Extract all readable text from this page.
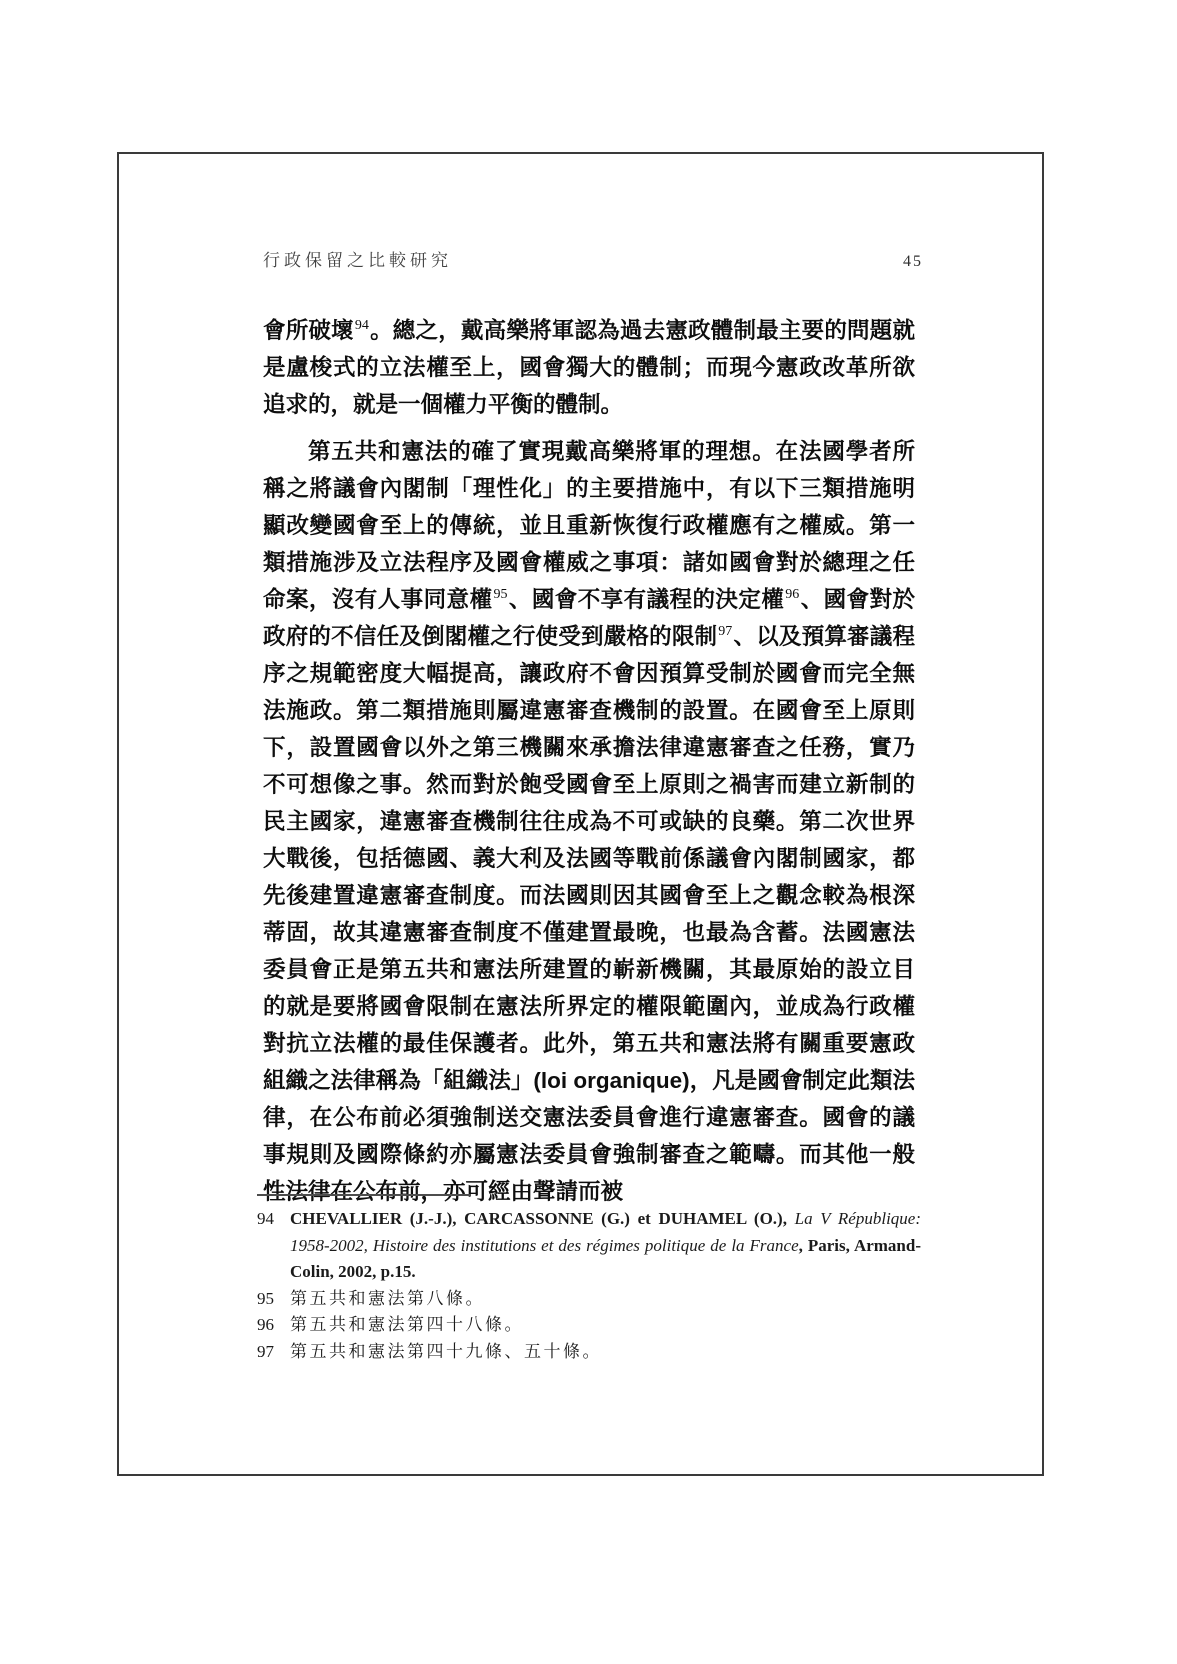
行政保留之比較研究	45

會所破壞$^{94}$。總之，戴高樂將軍認為過去憲政體制最主要的問題就是盧梭式的立法權至上，國會獨大的體制；而現今憲政改革所欲追求的，就是一個權力平衡的體制。

第五共和憲法的確了實現戴高樂將軍的理想。在法國學者所稱之將議會內閣制「理性化」的主要措施中，有以下三類措施明顯改變國會至上的傳統，並且重新恢復行政權應有之權威。第一類措施涉及立法程序及國會權威之事項：諸如國會對於總理之任命案，沒有人事同意權$^{95}$、國會不享有議程的決定權$^{96}$、國會對於政府的不信任及倒閣權之行使受到嚴格的限制$^{97}$、以及預算審議程序之規範密度大幅提高，讓政府不會因預算受制於國會而完全無法施政。第二類措施則屬違憲審查機制的設置。在國會至上原則下，設置國會以外之第三機關來承擔法律違憲審查之任務，實乃不可想像之事。然而對於飽受國會至上原則之禍害而建立新制的民主國家，違憲審查機制往往成為不可或缺的良藥。第二次世界大戰後，包括德國、義大利及法國等戰前係議會內閣制國家，都先後建置違憲審查制度。而法國則因其國會至上之觀念較為根深蒂固，故其違憲審查制度不僅建置最晚，也最為含蓄。法國憲法委員會正是第五共和憲法所建置的嶄新機關，其最原始的設立目的就是要將國會限制在憲法所界定的權限範圍內，並成為行政權對抗立法權的最佳保護者。此外，第五共和憲法將有關重要憲政組織之法律稱為「組織法」(loi organique)，凡是國會制定此類法律，在公布前必須強制送交憲法委員會進行違憲審查。國會的議事規則及國際條約亦屬憲法委員會強制審查之範疇。而其他一般性法律在公布前，亦可經由聲請而被

94 CHEVALLIER (J.-J.), CARCASSONNE (G.) et DUHAMEL (O.), La V République: 1958-2002, Histoire des institutions et des régimes politique de la France, Paris, Armand-Colin, 2002, p.15.
95 第五共和憲法第八條。
96 第五共和憲法第四十八條。
97 第五共和憲法第四十九條、五十條。
